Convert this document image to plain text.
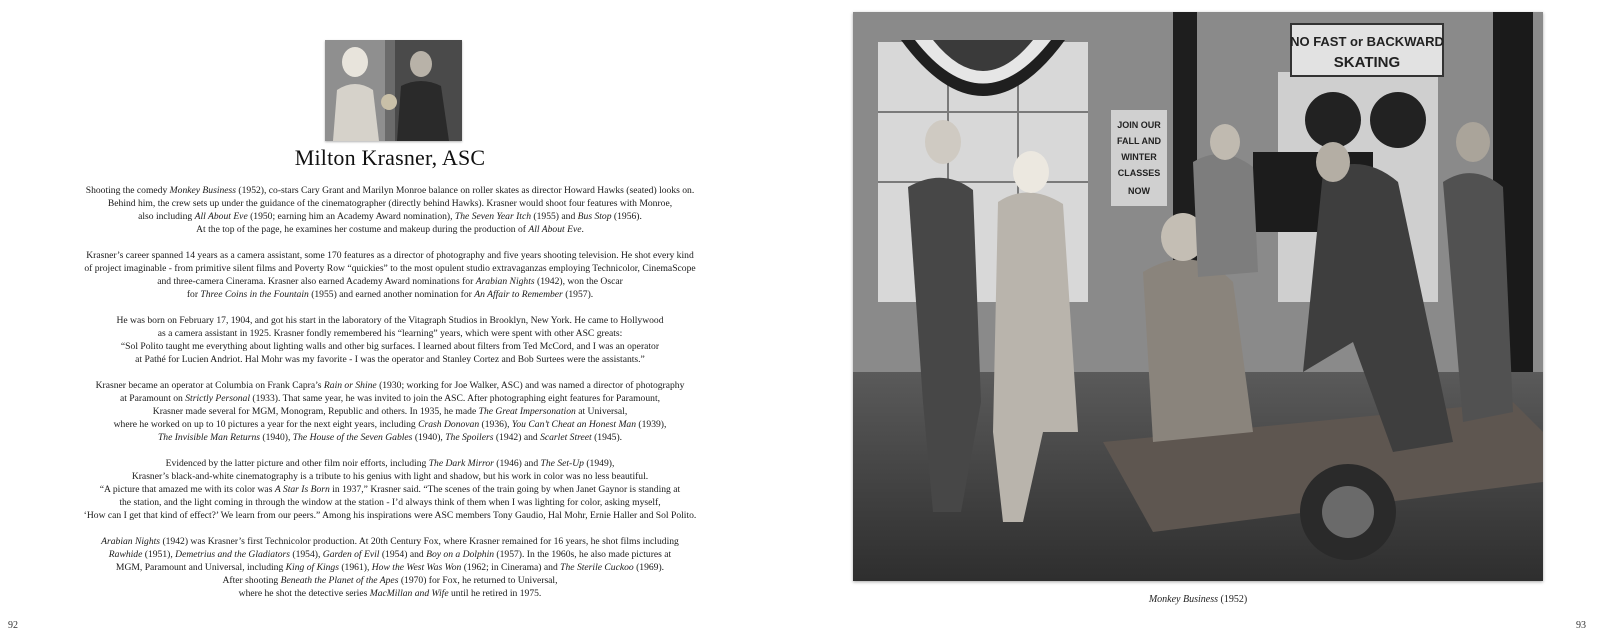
Milton Krasner, ASC
Shooting the comedy Monkey Business (1952), co-stars Cary Grant and Marilyn Monroe balance on roller skates as director Howard Hawks (seated) looks on.
Behind him, the crew sets up under the guidance of the cinematographer (directly behind Hawks). Krasner would shoot four features with Monroe,
also including All About Eve (1950; earning him an Academy Award nomination), The Seven Year Itch (1955) and Bus Stop (1956).
At the top of the page, he examines her costume and makeup during the production of All About Eve.
Krasner’s career spanned 14 years as a camera assistant, some 170 features as a director of photography and five years shooting television. He shot every kind
of project imaginable - from primitive silent films and Poverty Row “quickies” to the most opulent studio extravaganzas employing Technicolor, CinemaScope
and three-camera Cinerama. Krasner also earned Academy Award nominations for Arabian Nights (1942), won the Oscar
for Three Coins in the Fountain (1955) and earned another nomination for An Affair to Remember (1957).
He was born on February 17, 1904, and got his start in the laboratory of the Vitagraph Studios in Brooklyn, New York. He came to Hollywood
as a camera assistant in 1925. Krasner fondly remembered his “learning” years, which were spent with other ASC greats:
“Sol Polito taught me everything about lighting walls and other big surfaces. I learned about filters from Ted McCord, and I was an operator
at Pathé for Lucien Andriot. Hal Mohr was my favorite - I was the operator and Stanley Cortez and Bob Surtees were the assistants.”
Krasner became an operator at Columbia on Frank Capra’s Rain or Shine (1930; working for Joe Walker, ASC) and was named a director of photography
at Paramount on Strictly Personal (1933). That same year, he was invited to join the ASC. After photographing eight features for Paramount,
Krasner made several for MGM, Monogram, Republic and others. In 1935, he made The Great Impersonation at Universal,
where he worked on up to 10 pictures a year for the next eight years, including Crash Donovan (1936), You Can’t Cheat an Honest Man (1939),
The Invisible Man Returns (1940), The House of the Seven Gables (1940), The Spoilers (1942) and Scarlet Street (1945).
Evidenced by the latter picture and other film noir efforts, including The Dark Mirror (1946) and The Set-Up (1949),
Krasner’s black-and-white cinematography is a tribute to his genius with light and shadow, but his work in color was no less beautiful.
“A picture that amazed me with its color was A Star Is Born in 1937,” Krasner said. “The scenes of the train going by when Janet Gaynor is standing at
the station, and the light coming in through the window at the station - I’d always think of them when I was lighting for color, asking myself,
‘How can I get that kind of effect?’ We learn from our peers.” Among his inspirations were ASC members Tony Gaudio, Hal Mohr, Ernie Haller and Sol Polito.
Arabian Nights (1942) was Krasner’s first Technicolor production. At 20th Century Fox, where Krasner remained for 16 years, he shot films including
Rawhide (1951), Demetrius and the Gladiators (1954), Garden of Evil (1954) and Boy on a Dolphin (1957). In the 1960s, he also made pictures at
MGM, Paramount and Universal, including King of Kings (1961), How the West Was Won (1962; in Cinerama) and The Sterile Cuckoo (1969).
After shooting Beneath the Planet of the Apes (1970) for Fox, he returned to Universal,
where he shot the detective series MacMillan and Wife until he retired in 1975.
92
NO FAST or BACKWARD
SKATING
JOIN OUR
FALL AND
WINTER
CLASSES
NOW
Monkey Business (1952)
93
